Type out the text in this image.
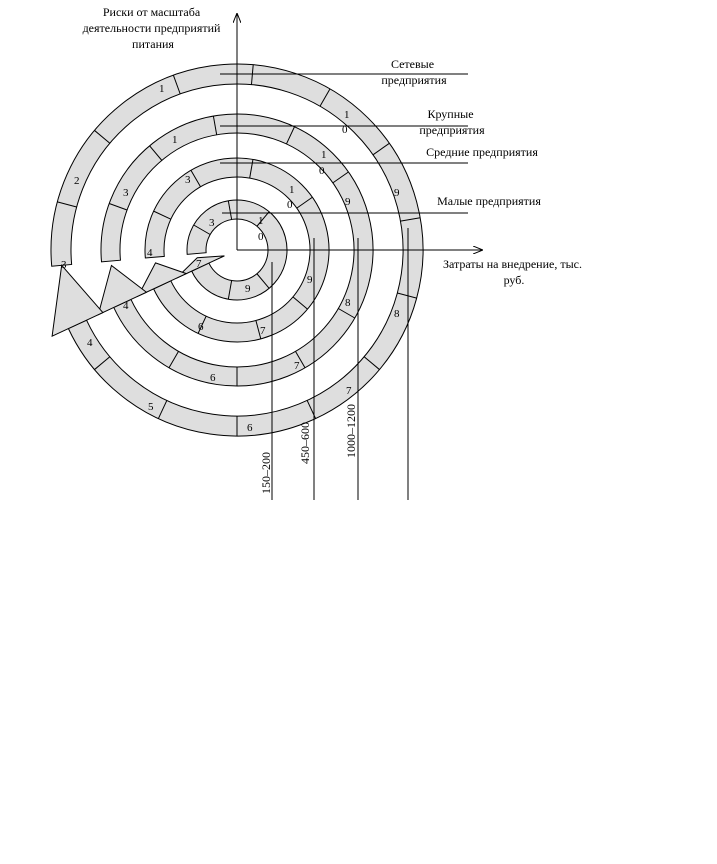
Риски от масштаба деятельности предприятий питания
Затраты на внедрение, тыс. руб.
Сетевые предприятия
Крупные предприятия
Средние предприятия
Малые предприятия
150–200
450–600	1000–1200
1
0
3
7
9
1
0
3
4
6	7
9
1
0
1
3
4
6
7
9
8
1
0
1
2
3
4
5
6
7
9
8
